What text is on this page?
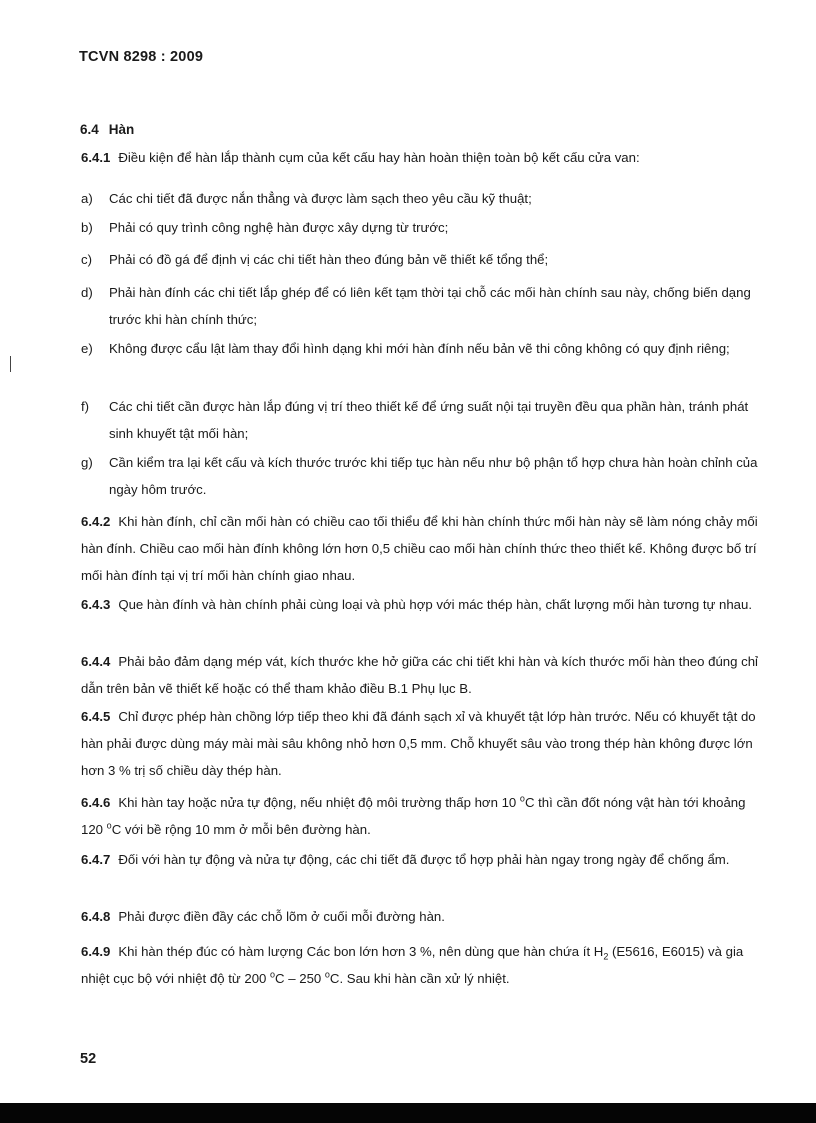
TCVN 8298 : 2009
6.4 Hàn

6.4.1 Điều kiện để hàn lắp thành cụm của kết cấu hay hàn hoàn thiện toàn bộ kết cấu cửa van:

a) Các chi tiết đã được nắn thẳng và được làm sạch theo yêu cầu kỹ thuật;
b) Phải có quy trình công nghệ hàn được xây dựng từ trước;
c) Phải có đồ gá để định vị các chi tiết hàn theo đúng bản vẽ thiết kế tổng thể;
d) Phải hàn đính các chi tiết lắp ghép để có liên kết tạm thời tại chỗ các mối hàn chính sau này, chống biến dạng trước khi hàn chính thức;
e) Không được cẩu lật làm thay đổi hình dạng khi mới hàn đính nếu bản vẽ thi công không có quy định riêng;
f) Các chi tiết cần được hàn lắp đúng vị trí theo thiết kế để ứng suất nội tại truyền đều qua phần hàn, tránh phát sinh khuyết tật mối hàn;
g) Cần kiểm tra lại kết cấu và kích thước trước khi tiếp tục hàn nếu như bộ phận tổ hợp chưa hàn hoàn chỉnh của ngày hôm trước.

6.4.2 Khi hàn đính, chỉ cần mối hàn có chiều cao tối thiểu để khi hàn chính thức mối hàn này sẽ làm nóng chảy mối hàn đính. Chiều cao mối hàn đính không lớn hơn 0,5 chiều cao mối hàn chính thức theo thiết kế. Không được bố trí mối hàn đính tại vị trí mối hàn chính giao nhau.

6.4.3 Que hàn đính và hàn chính phải cùng loại và phù hợp với mác thép hàn, chất lượng mối hàn tương tự nhau.

6.4.4 Phải bảo đảm dạng mép vát, kích thước khe hở giữa các chi tiết khi hàn và kích thước mối hàn theo đúng chỉ dẫn trên bản vẽ thiết kế hoặc có thể tham khảo điều B.1 Phụ lục B.

6.4.5 Chỉ được phép hàn chồng lớp tiếp theo khi đã đánh sạch xỉ và khuyết tật lớp hàn trước. Nếu có khuyết tật do hàn phải được dùng máy mài mài sâu không nhỏ hơn 0,5 mm. Chỗ khuyết sâu vào trong thép hàn không được lớn hơn 3 % trị số chiều dày thép hàn.

6.4.6 Khi hàn tay hoặc nửa tự động, nếu nhiệt độ môi trường thấp hơn 10 $^o$C thì cần đốt nóng vật hàn tới khoảng 120 $^o$C với bề rộng 10 mm ở mỗi bên đường hàn.

6.4.7 Đối với hàn tự động và nửa tự động, các chi tiết đã được tổ hợp phải hàn ngay trong ngày để chống ẩm.

6.4.8 Phải được điền đầy các chỗ lõm ở cuối mỗi đường hàn.

6.4.9 Khi hàn thép đúc có hàm lượng Các bon lớn hơn 3 %, nên dùng que hàn chứa ít $H_2$ (E5616, E6015) và gia nhiệt cục bộ với nhiệt độ từ 200 $^o$C – 250 $^o$C. Sau khi hàn cần xử lý nhiệt.

52
